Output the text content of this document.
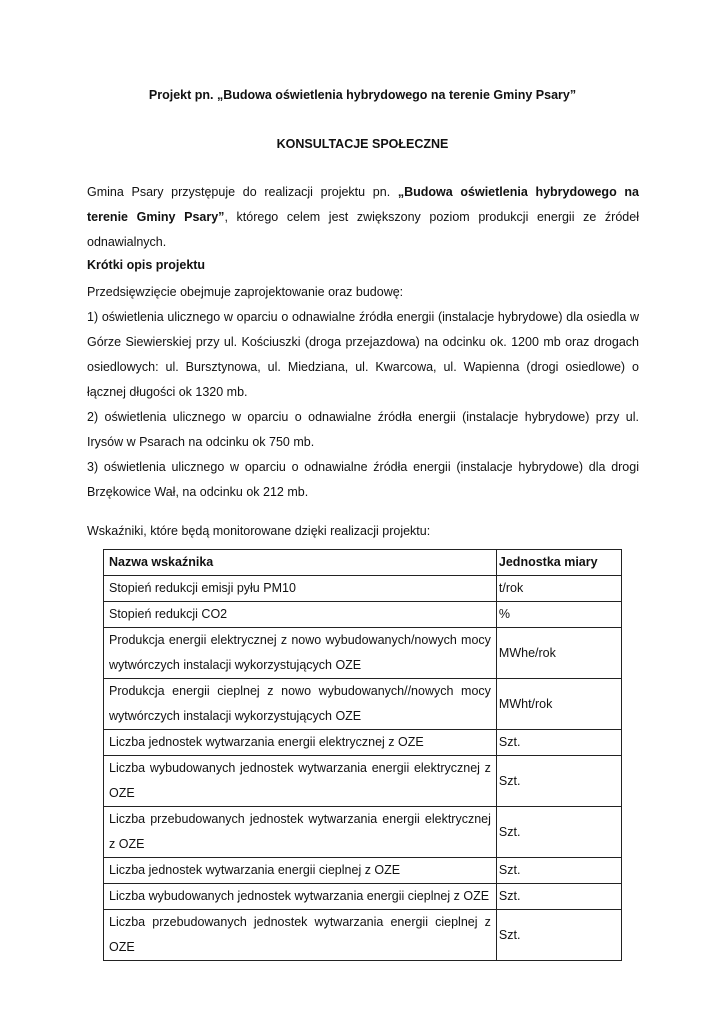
Projekt pn. „Budowa oświetlenia hybrydowego na terenie Gminy Psary”
KONSULTACJE SPOŁECZNE
Gmina Psary przystępuje do realizacji projektu pn. „Budowa oświetlenia hybrydowego na terenie Gminy Psary”, którego celem jest zwiększony poziom produkcji energii ze źródeł odnawialnych.
Krótki opis projektu

Przedsięwzięcie obejmuje zaprojektowanie oraz budowę:

1) oświetlenia ulicznego w oparciu o odnawialne źródła energii (instalacje hybrydowe) dla osiedla w Górze Siewierskiej przy ul. Kościuszki (droga przejazdowa) na odcinku ok. 1200 mb oraz drogach osiedlowych: ul. Bursztynowa, ul. Miedziana, ul. Kwarcowa, ul. Wapienna (drogi osiedlowe) o łącznej długości ok 1320 mb.

2) oświetlenia ulicznego w oparciu o odnawialne źródła energii (instalacje hybrydowe) przy ul. Irysów w Psarach na odcinku ok 750 mb.

3) oświetlenia ulicznego w oparciu o odnawialne źródła energii (instalacje hybrydowe) dla drogi Brzękowice Wał, na odcinku ok 212 mb.

Wskaźniki, które będą monitorowane dzięki realizacji projektu:
Nazwa wskaźnika	Jednostka miary
Stopień redukcji emisji pyłu PM10	t/rok
Stopień redukcji CO2	%
Produkcja energii elektrycznej z nowo wybudowanych/nowych mocy wytwórczych instalacji wykorzystujących OZE	MWhe/rok
Produkcja energii cieplnej z nowo wybudowanych//nowych mocy wytwórczych instalacji wykorzystujących OZE	MWht/rok
Liczba jednostek wytwarzania energii elektrycznej z OZE	Szt.
Liczba wybudowanych jednostek wytwarzania energii elektrycznej z OZE	Szt.
Liczba przebudowanych jednostek wytwarzania energii elektrycznej z OZE	Szt.
Liczba jednostek wytwarzania energii cieplnej z OZE	Szt.
Liczba wybudowanych jednostek wytwarzania energii cieplnej z OZE	Szt.
Liczba przebudowanych jednostek wytwarzania energii cieplnej z OZE	Szt.
